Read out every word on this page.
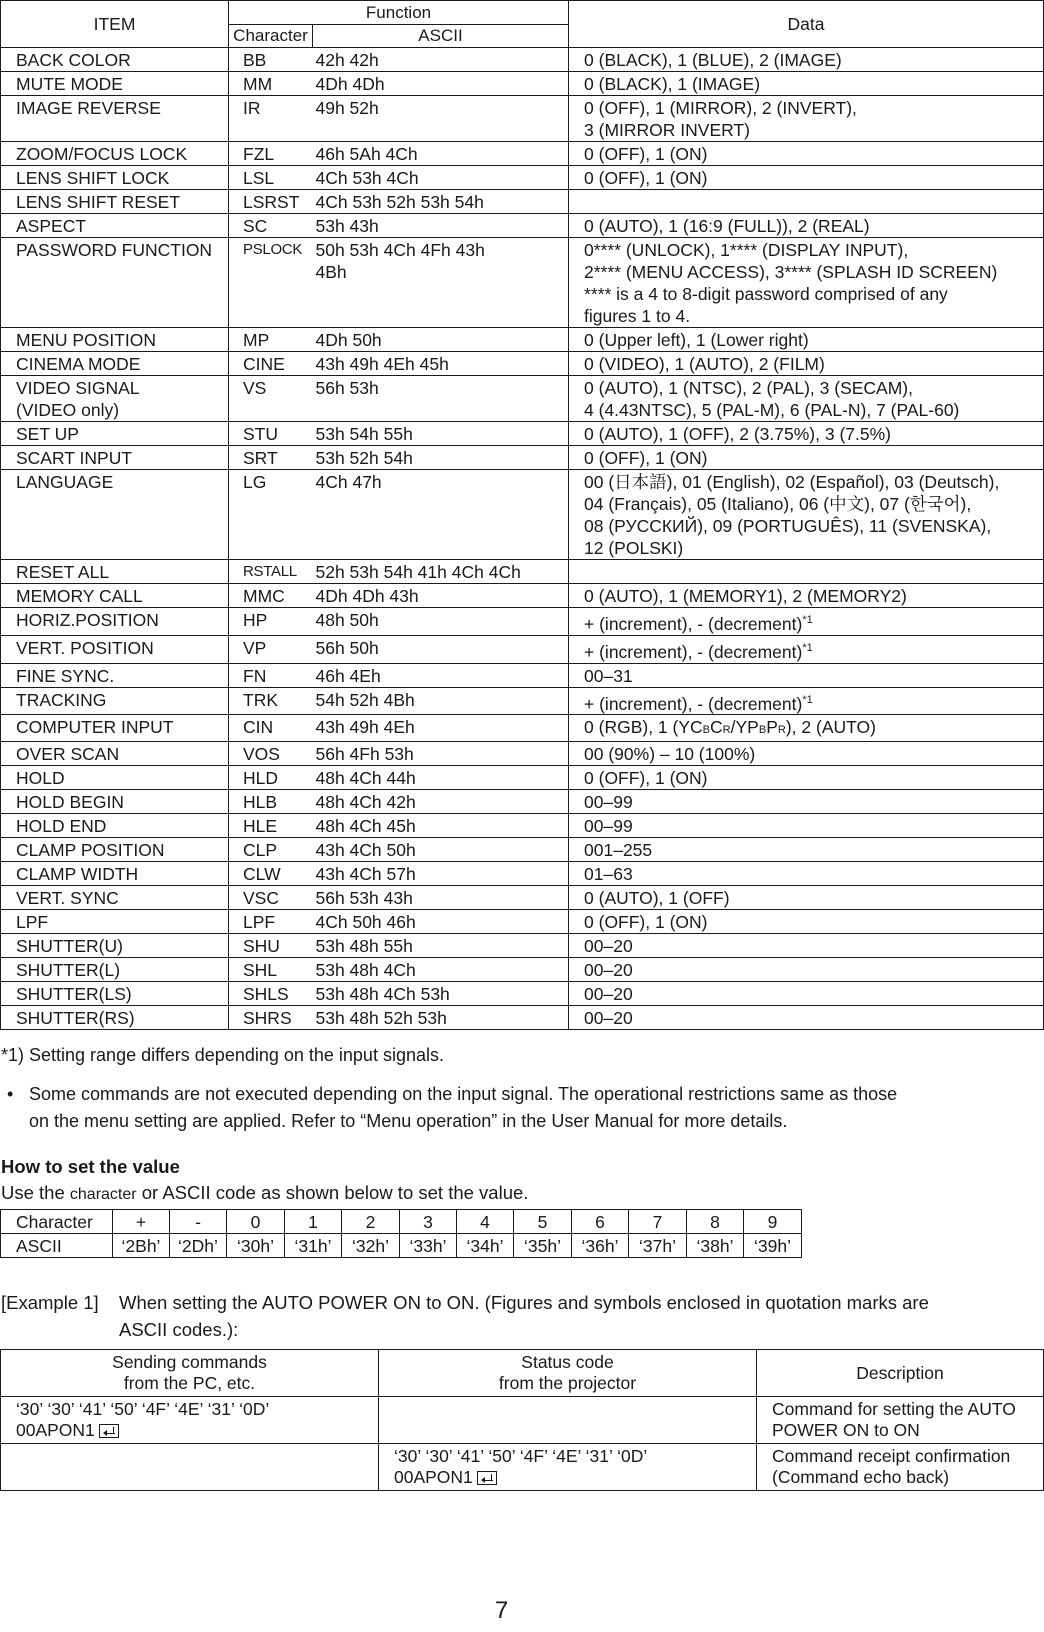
ITEM	Function		Data
	Character	ASCII	

BACK COLOR	BB	42h 42h	0 (BLACK), 1 (BLUE), 2 (IMAGE)

MUTE MODE	MM	4Dh 4Dh	0 (BLACK), 1 (IMAGE)

IMAGE REVERSE	IR	49h 52h	0 (OFF), 1 (MIRROR), 2 (INVERT),
3 (MIRROR INVERT)

ZOOM/FOCUS LOCK	FZL	46h 5Ah 4Ch	0 (OFF), 1 (ON)

LENS SHIFT LOCK	LSL	4Ch 53h 4Ch	0 (OFF), 1 (ON)

LENS SHIFT RESET	LSRST	4Ch 53h 52h 53h 54h	

ASPECT	SC	53h 43h	0 (AUTO), 1 (16:9 (FULL)), 2 (REAL)

PASSWORD FUNCTION	PSLOCK	50h 53h 4Ch 4Fh 43h
4Bh	0**** (UNLOCK), 1**** (DISPLAY INPUT),
2**** (MENU ACCESS), 3**** (SPLASH ID SCREEN)
**** is a 4 to 8-digit password comprised of any
figures 1 to 4.

MENU POSITION	MP	4Dh 50h	0 (Upper left), 1 (Lower right)

CINEMA MODE	CINE	43h 49h 4Eh 45h	0 (VIDEO), 1 (AUTO), 2 (FILM)

VIDEO SIGNAL
(VIDEO only)	VS	56h 53h	0 (AUTO), 1 (NTSC), 2 (PAL), 3 (SECAM),
4 (4.43NTSC), 5 (PAL-M), 6 (PAL-N), 7 (PAL-60)

SET UP	STU	53h 54h 55h	0 (AUTO), 1 (OFF), 2 (3.75%), 3 (7.5%)

SCART INPUT	SRT	53h 52h 54h	0 (OFF), 1 (ON)

LANGUAGE	LG	4Ch 47h	00 (日本語), 01 (English), 02 (Español), 03 (Deutsch),
04 (Français), 05 (Italiano), 06 (中文), 07 (한국어),
08 (РУССКИЙ), 09 (PORTUGUÊS), 11 (SVENSKA),
12 (POLSKI)

RESET ALL	RSTALL	52h 53h 54h 41h 4Ch 4Ch	

MEMORY CALL	MMC	4Dh 4Dh 43h	0 (AUTO), 1 (MEMORY1), 2 (MEMORY2)

HORIZ.POSITION	HP	48h 50h	+ (increment), - (decrement)$^{*1}$

VERT. POSITION	VP	56h 50h	+ (increment), - (decrement)$^{*1}$

FINE SYNC.	FN	46h 4Eh	00–31

TRACKING	TRK	54h 52h 4Bh	+ (increment), - (decrement)$^{*1}$

COMPUTER INPUT	CIN	43h 49h 4Eh	0 (RGB), 1 (YCBCR/YPBPR), 2 (AUTO)

OVER SCAN	VOS	56h 4Fh 53h	00 (90%) – 10 (100%)

HOLD	HLD	48h 4Ch 44h	0 (OFF), 1 (ON)

HOLD BEGIN	HLB	48h 4Ch 42h	00–99

HOLD END	HLE	48h 4Ch 45h	00–99

CLAMP POSITION	CLP	43h 4Ch 50h	001–255

CLAMP WIDTH	CLW	43h 4Ch 57h	01–63

VERT. SYNC	VSC	56h 53h 43h	0 (AUTO), 1 (OFF)

LPF	LPF	4Ch 50h 46h	0 (OFF), 1 (ON)

SHUTTER(U)	SHU	53h 48h 55h	00–20

SHUTTER(L)	SHL	53h 48h 4Ch	00–20

SHUTTER(LS)	SHLS	53h 48h 4Ch 53h	00–20

SHUTTER(RS)	SHRS	53h 48h 52h 53h	00–20
*1) Setting range differs depending on the input signals.
• Some commands are not executed depending on the input signal. The operational restrictions same as those
on the menu setting are applied. Refer to “Menu operation” in the User Manual for more details.
How to set the value
Use the character or ASCII code as shown below to set the value.
Character	+	-	0	1	2	3	4	5	6	7	8	9
ASCII	‘2Bh’	‘2Dh’	‘30h’	‘31h’	‘32h’	‘33h’	‘34h’	‘35h’	‘36h’	‘37h’	‘38h’	‘39h’
[Example 1] When setting the AUTO POWER ON to ON. (Figures and symbols enclosed in quotation marks are
ASCII codes.):
Sending commands
from the PC, etc.	Status code
from the projector	Description

‘30’ ‘30’ ‘41’ ‘50’ ‘4F’ ‘4E’ ‘31’ ‘0D’
00APON1		Command for setting the AUTO
POWER ON to ON

	‘30’ ‘30’ ‘41’ ‘50’ ‘4F’ ‘4E’ ‘31’ ‘0D’
00APON1	Command receipt confirmation
(Command echo back)
7
